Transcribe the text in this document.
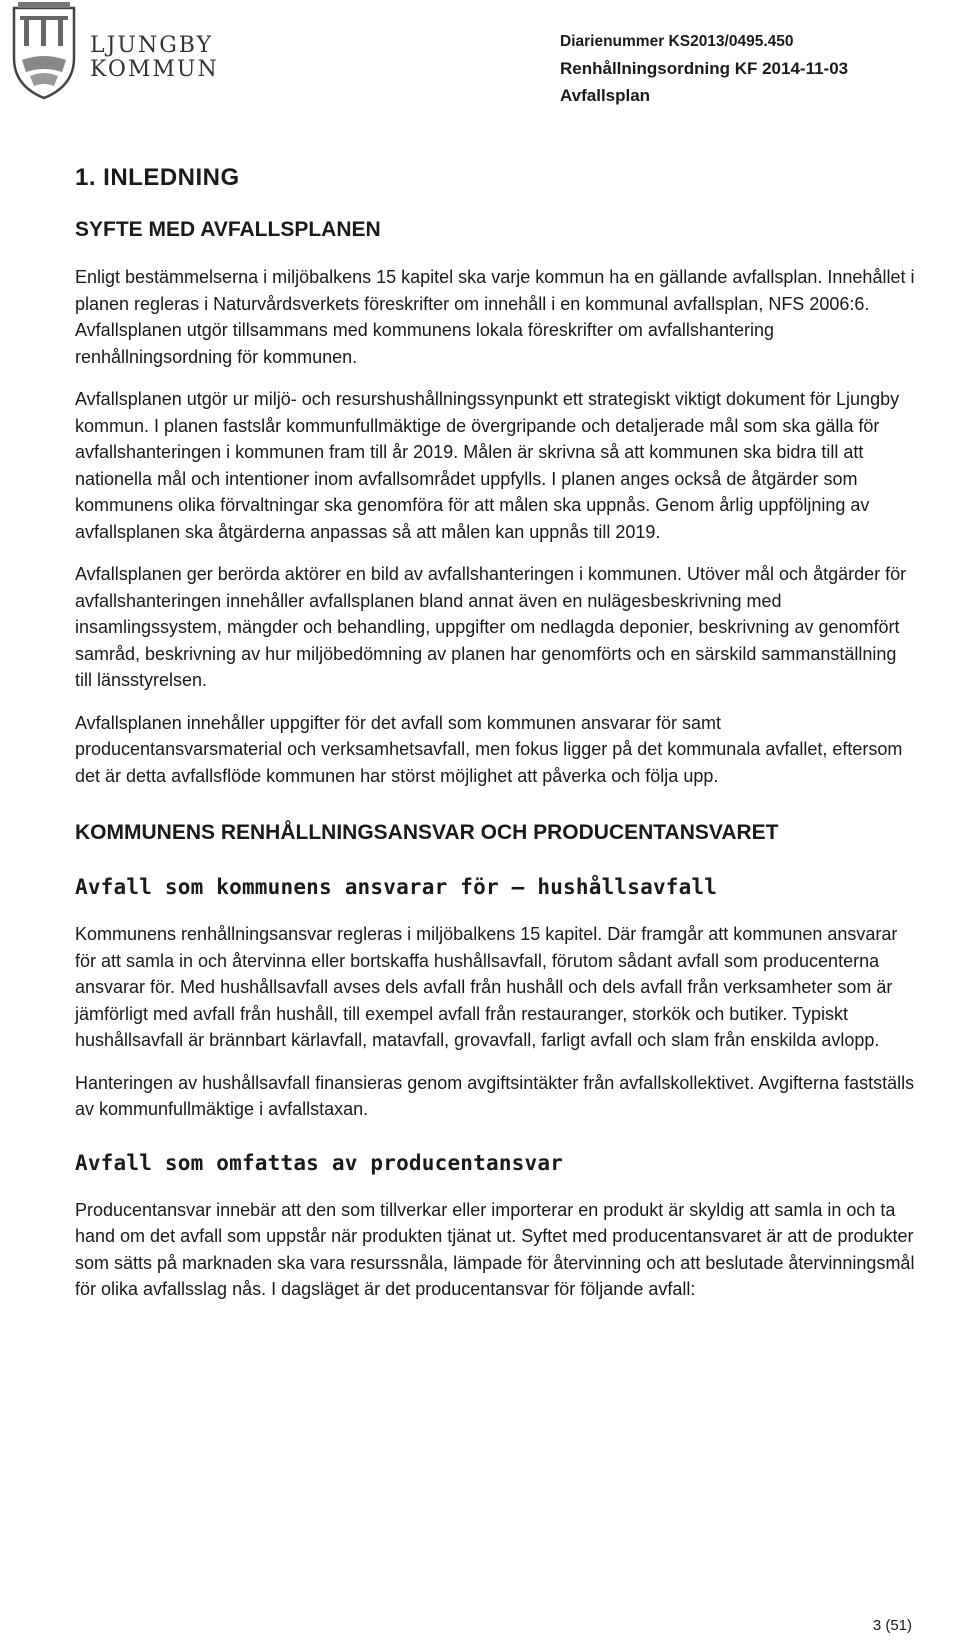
LJUNGBY
KOMMUN
Diarienummer KS2013/0495.450
Renhållningsordning KF 2014-11-03
Avfallsplan
1. INLEDNING
SYFTE MED AVFALLSPLANEN

Enligt bestämmelserna i miljöbalkens 15 kapitel ska varje kommun ha en gällande avfallsplan. Innehållet i planen regleras i Naturvårdsverkets föreskrifter om innehåll i en kommunal avfallsplan, NFS 2006:6. Avfallsplanen utgör tillsammans med kommunens lokala föreskrifter om avfallshantering renhållningsordning för kommunen.

Avfallsplanen utgör ur miljö- och resurshushållningssynpunkt ett strategiskt viktigt dokument för Ljungby kommun. I planen fastslår kommunfullmäktige de övergripande och detaljerade mål som ska gälla för avfallshanteringen i kommunen fram till år 2019. Målen är skrivna så att kommunen ska bidra till att nationella mål och intentioner inom avfallsområdet uppfylls. I planen anges också de åtgärder som kommunens olika förvaltningar ska genomföra för att målen ska uppnås. Genom årlig uppföljning av avfallsplanen ska åtgärderna anpassas så att målen kan uppnås till 2019.

Avfallsplanen ger berörda aktörer en bild av avfallshanteringen i kommunen. Utöver mål och åtgärder för avfallshanteringen innehåller avfallsplanen bland annat även en nulägesbeskrivning med insamlingssystem, mängder och behandling, uppgifter om nedlagda deponier, beskrivning av genomfört samråd, beskrivning av hur miljöbedömning av planen har genomförts och en särskild sammanställning till länsstyrelsen.

Avfallsplanen innehåller uppgifter för det avfall som kommunen ansvarar för samt producentansvarsmaterial och verksamhetsavfall, men fokus ligger på det kommunala avfallet, eftersom det är detta avfallsflöde kommunen har störst möjlighet att påverka och följa upp.

KOMMUNENS RENHÅLLNINGSANSVAR OCH PRODUCENTANSVARET
Avfall som kommunens ansvarar för – hushållsavfall

Kommunens renhållningsansvar regleras i miljöbalkens 15 kapitel. Där framgår att kommunen ansvarar för att samla in och återvinna eller bortskaffa hushållsavfall, förutom sådant avfall som producenterna ansvarar för. Med hushållsavfall avses dels avfall från hushåll och dels avfall från verksamheter som är jämförligt med avfall från hushåll, till exempel avfall från restauranger, storkök och butiker. Typiskt hushållsavfall är brännbart kärlavfall, matavfall, grovavfall, farligt avfall och slam från enskilda avlopp.

Hanteringen av hushållsavfall finansieras genom avgiftsintäkter från avfallskollektivet. Avgifterna fastställs av kommunfullmäktige i avfallstaxan.

Avfall som omfattas av producentansvar

Producentansvar innebär att den som tillverkar eller importerar en produkt är skyldig att samla in och ta hand om det avfall som uppstår när produkten tjänat ut. Syftet med producentansvaret är att de produkter som sätts på marknaden ska vara resurssnåla, lämpade för återvinning och att beslutade återvinningsmål för olika avfallsslag nås. I dagsläget är det producentansvar för följande avfall:

3 (51)
